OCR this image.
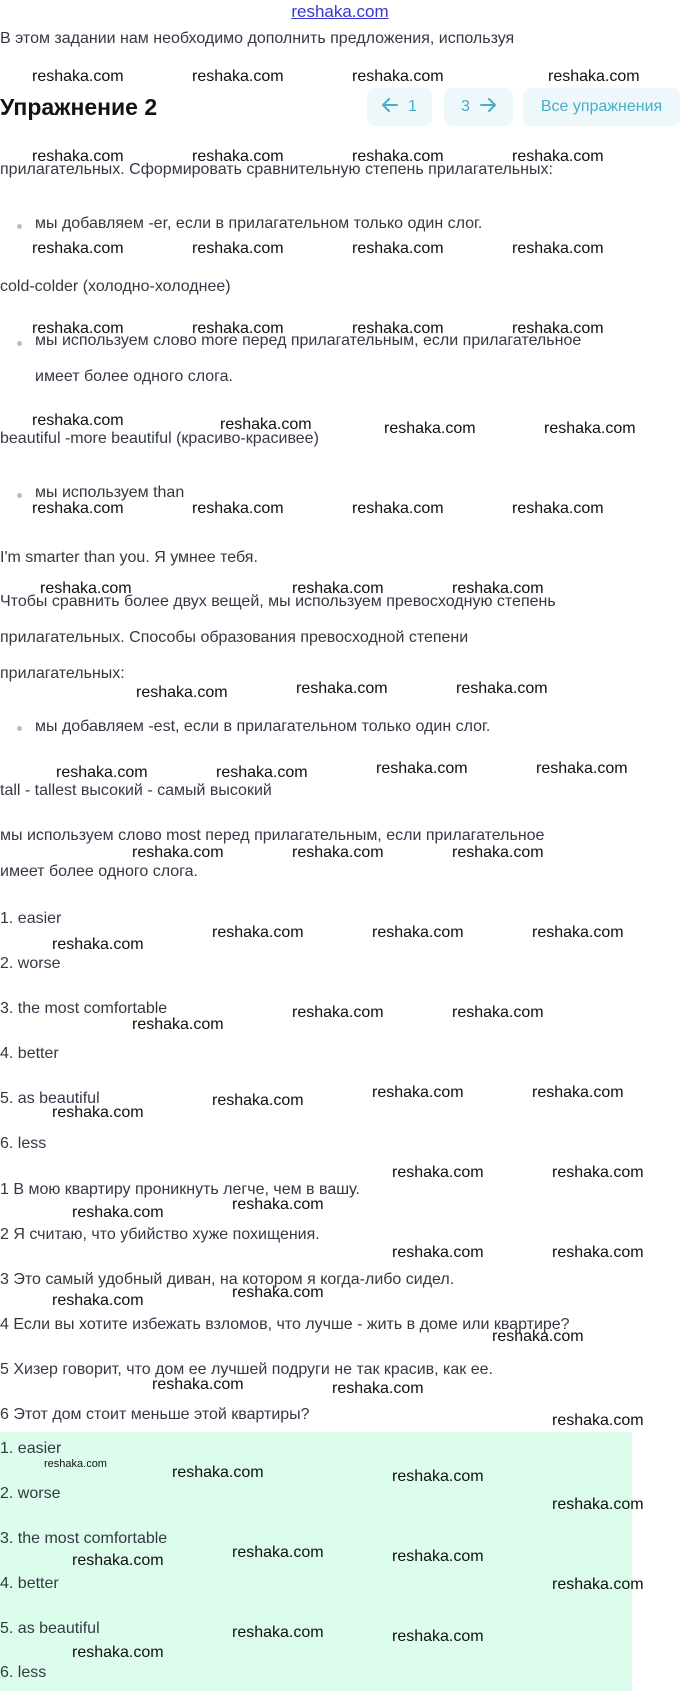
reshaka.com
В этом задании нам необходимо дополнить предложения, используя
Упражнение 2	1	3	Все упражнения
прилагательных. Сформировать сравнительную степень прилагательных:
мы добавляем -er, если в прилагательном только один слог.
cold-colder (холодно-холоднее)
мы используем слово more перед прилагательным, если прилагательное
имеет более одного слога.
beautiful -more beautiful (красиво-красивее)
мы используем than
I'm smarter than you. Я умнее тебя.
Чтобы сравнить более двух вещей, мы используем превосходную степень
прилагательных. Способы образования превосходной степени
прилагательных:
мы добавляем -est, если в прилагательном только один слог.
tall - tallest высокий - самый высокий
мы используем слово most перед прилагательным, если прилагательное
имеет более одного слога.
1. easier
2. worse
3. the most comfortable
4. better
5. as beautiful
6. less
1 В мою квартиру проникнуть легче, чем в вашу.
2 Я считаю, что убийство хуже похищения.
3 Это самый удобный диван, на котором я когда-либо сидел.
4 Если вы хотите избежать взломов, что лучше - жить в доме или квартире?
5 Хизер говорит, что дом ее лучшей подруги не так красив, как ее.
6 Этот дом стоит меньше этой квартиры?
1. easier
2. worse
3. the most comfortable
4. better
5. as beautiful
6. less
reshaka.com	reshaka.com	reshaka.com	reshaka.com
reshaka.com	reshaka.com	reshaka.com	reshaka.com
reshaka.com	reshaka.com	reshaka.com	reshaka.com
reshaka.com	reshaka.com	reshaka.com	reshaka.com
reshaka.com	reshaka.com	reshaka.com	reshaka.com
reshaka.com	reshaka.com	reshaka.com	reshaka.com
reshaka.com	reshaka.com	reshaka.com
reshaka.com	reshaka.com	reshaka.com
reshaka.com	reshaka.com	reshaka.com	reshaka.com
reshaka.com	reshaka.com	reshaka.com
reshaka.com	reshaka.com	reshaka.com
reshaka.com
reshaka.com	reshaka.com
reshaka.com
reshaka.com	reshaka.com
reshaka.com
reshaka.com
reshaka.com	reshaka.com
reshaka.com
reshaka.com
reshaka.com	reshaka.com
reshaka.com
reshaka.com
reshaka.com
reshaka.com	reshaka.com
reshaka.com
reshaka.com	reshaka.com
reshaka.com
reshaka.com	reshaka.com
reshaka.com
reshaka.com
reshaka.com	reshaka.com
reshaka.com
reshaka.com
